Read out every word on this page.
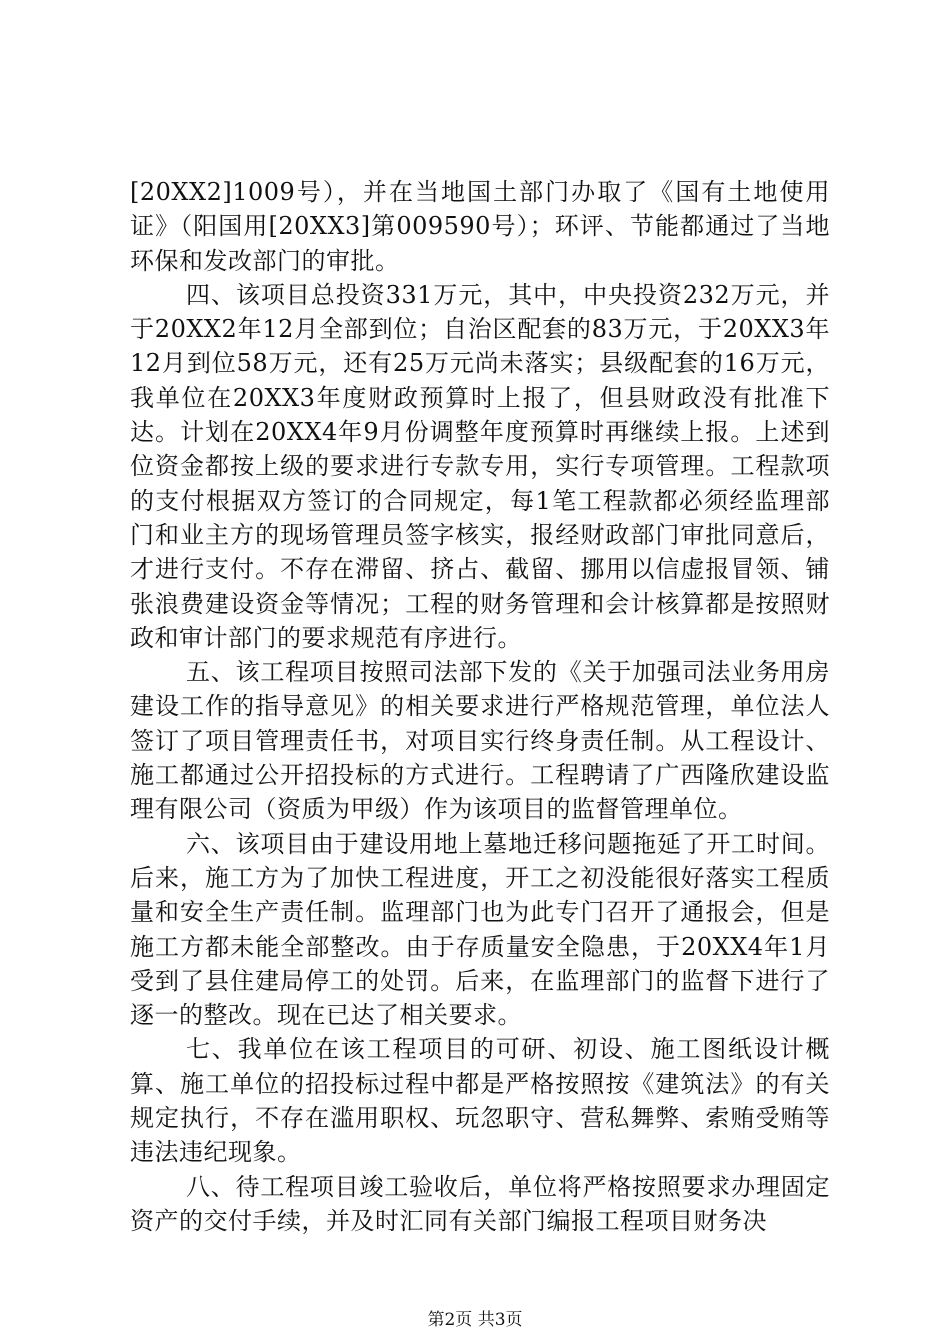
[20XX2]1009号），并在当地国土部门办取了《国有土地使用证》（阳国用[20XX3]第009590号）；环评、节能都通过了当地环保和发改部门的审批。

四、该项目总投资331万元，其中，中央投资232万元，并于20XX2年12月全部到位；自治区配套的83万元，于20XX3年12月到位58万元，还有25万元尚未落实；县级配套的16万元，我单位在20XX3年度财政预算时上报了，但县财政没有批准下达。计划在20XX4年9月份调整年度预算时再继续上报。上述到位资金都按上级的要求进行专款专用，实行专项管理。工程款项的支付根据双方签订的合同规定，每1笔工程款都必须经监理部门和业主方的现场管理员签字核实，报经财政部门审批同意后，才进行支付。不存在滞留、挤占、截留、挪用以信虚报冒领、铺张浪费建设资金等情况；工程的财务管理和会计核算都是按照财政和审计部门的要求规范有序进行。

五、该工程项目按照司法部下发的《关于加强司法业务用房建设工作的指导意见》的相关要求进行严格规范管理，单位法人签订了项目管理责任书，对项目实行终身责任制。从工程设计、施工都通过公开招投标的方式进行。工程聘请了广西隆欣建设监理有限公司（资质为甲级）作为该项目的监督管理单位。

六、该项目由于建设用地上墓地迁移问题拖延了开工时间。后来，施工方为了加快工程进度，开工之初没能很好落实工程质量和安全生产责任制。监理部门也为此专门召开了通报会，但是施工方都未能全部整改。由于存质量安全隐患，于20XX4年1月受到了县住建局停工的处罚。后来，在监理部门的监督下进行了逐一的整改。现在已达了相关要求。

七、我单位在该工程项目的可研、初设、施工图纸设计概算、施工单位的招投标过程中都是严格按照按《建筑法》的有关规定执行，不存在滥用职权、玩忽职守、营私舞弊、索贿受贿等违法违纪现象。

八、待工程项目竣工验收后，单位将严格按照要求办理固定资产的交付手续，并及时汇同有关部门编报工程项目财务决

第2页 共3页
